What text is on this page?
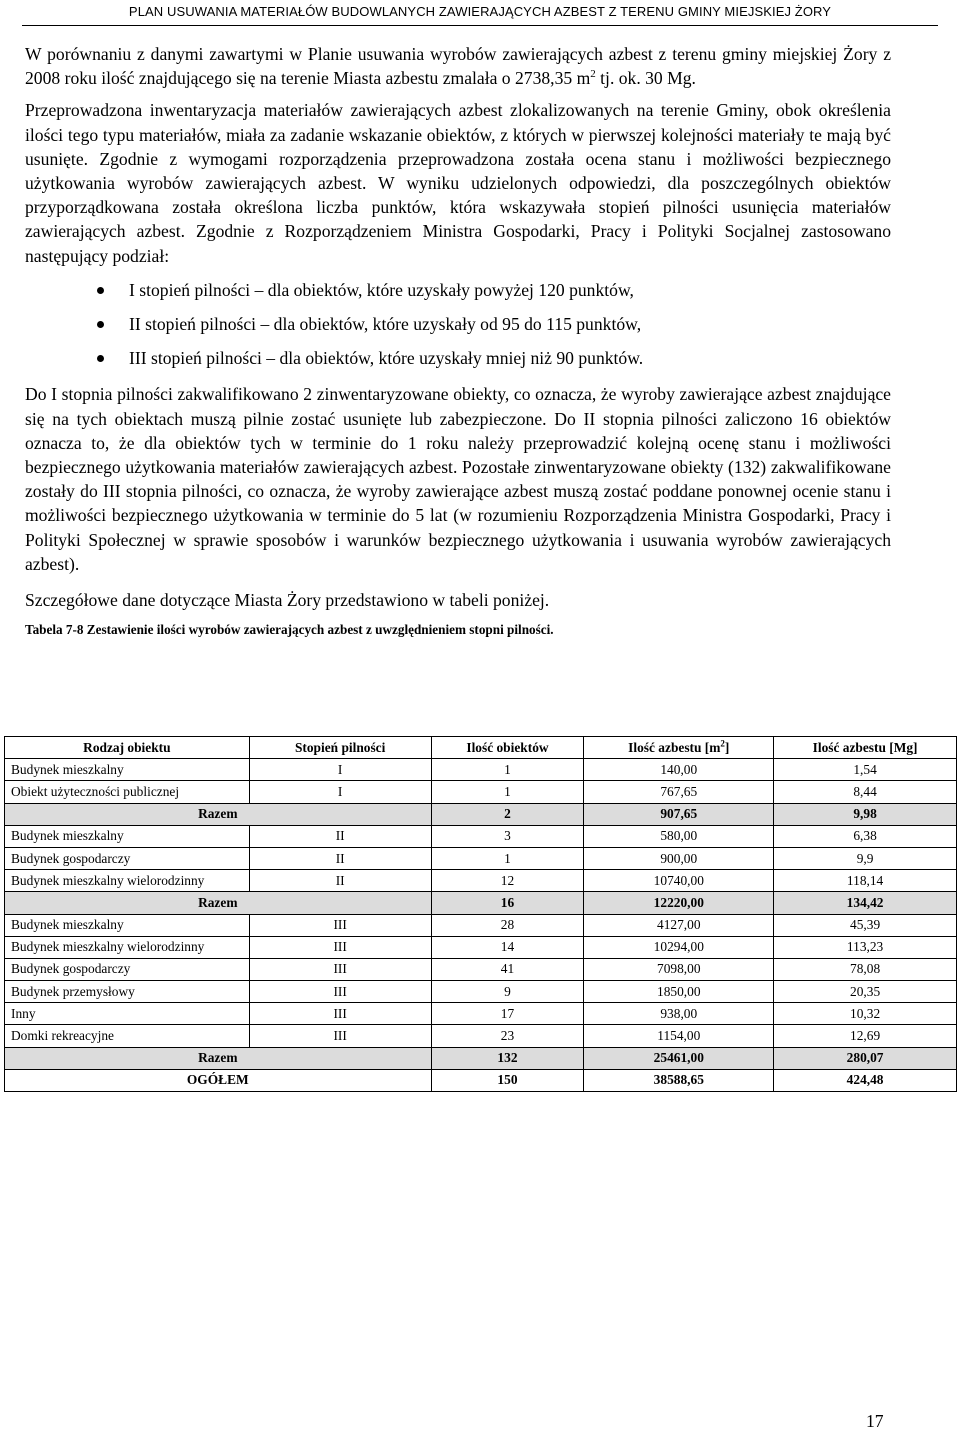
PLAN USUWANIA MATERIAŁÓW BUDOWLANYCH ZAWIERAJĄCYCH AZBEST Z TERENU GMINY MIEJSKIEJ ŻORY

W porównaniu z danymi zawartymi w Planie usuwania wyrobów zawierających azbest z terenu gminy miejskiej Żory z 2008 roku ilość znajdującego się na terenie Miasta azbestu zmalała o 2738,35 $m^2$ tj. ok. 30 Mg.

Przeprowadzona inwentaryzacja materiałów zawierających azbest zlokalizowanych na terenie Gminy, obok określenia ilości tego typu materiałów, miała za zadanie wskazanie obiektów, z których w pierwszej kolejności materiały te mają być usunięte. Zgodnie z wymogami rozporządzenia przeprowadzona została ocena stanu i możliwości bezpiecznego użytkowania wyrobów zawierających azbest. W wyniku udzielonych odpowiedzi, dla poszczególnych obiektów przyporządkowana została określona liczba punktów, która wskazywała stopień pilności usunięcia materiałów zawierających azbest. Zgodnie z Rozporządzeniem Ministra Gospodarki, Pracy i Polityki Socjalnej zastosowano następujący podział:

I stopień pilności – dla obiektów, które uzyskały powyżej 120 punktów,
II stopień pilności – dla obiektów, które uzyskały od 95 do 115 punktów,
III stopień pilności – dla obiektów, które uzyskały mniej niż 90 punktów.

Do I stopnia pilności zakwalifikowano 2 zinwentaryzowane obiekty, co oznacza, że wyroby zawierające azbest znajdujące się na tych obiektach muszą pilnie zostać usunięte lub zabezpieczone. Do II stopnia pilności zaliczono 16 obiektów oznacza to, że dla obiektów tych w terminie do 1 roku należy przeprowadzić kolejną ocenę stanu i możliwości bezpiecznego użytkowania materiałów zawierających azbest. Pozostałe zinwentaryzowane obiekty (132) zakwalifikowane zostały do III stopnia pilności, co oznacza, że wyroby zawierające azbest muszą zostać poddane ponownej ocenie stanu i możliwości bezpiecznego użytkowania w terminie do 5 lat (w rozumieniu Rozporządzenia Ministra Gospodarki, Pracy i Polityki Społecznej w sprawie sposobów i warunków bezpiecznego użytkowania i usuwania wyrobów zawierających azbest).

Szczegółowe dane dotyczące Miasta Żory przedstawiono w tabeli poniżej.

Tabela 7-8 Zestawienie ilości wyrobów zawierających azbest z uwzględnieniem stopni pilności.

Rodzaj obiektu	Stopień pilności	Ilość obiektów	Ilość azbestu $[m^2]$	Ilość azbestu [Mg]
Budynek mieszkalny	I	1	140,00	1,54
Obiekt użyteczności publicznej	I	1	767,65	8,44
Razem		2	907,65	9,98
Budynek mieszkalny	II	3	580,00	6,38
Budynek gospodarczy	II	1	900,00	9,9
Budynek mieszkalny wielorodzinny	II	12	10740,00	118,14
Razem		16	12220,00	134,42
Budynek mieszkalny	III	28	4127,00	45,39
Budynek mieszkalny wielorodzinny	III	14	10294,00	113,23
Budynek gospodarczy	III	41	7098,00	78,08
Budynek przemysłowy	III	9	1850,00	20,35
Inny	III	17	938,00	10,32
Domki rekreacyjne	III	23	1154,00	12,69
Razem		132	25461,00	280,07
OGÓŁEM		150	38588,65	424,48
17
